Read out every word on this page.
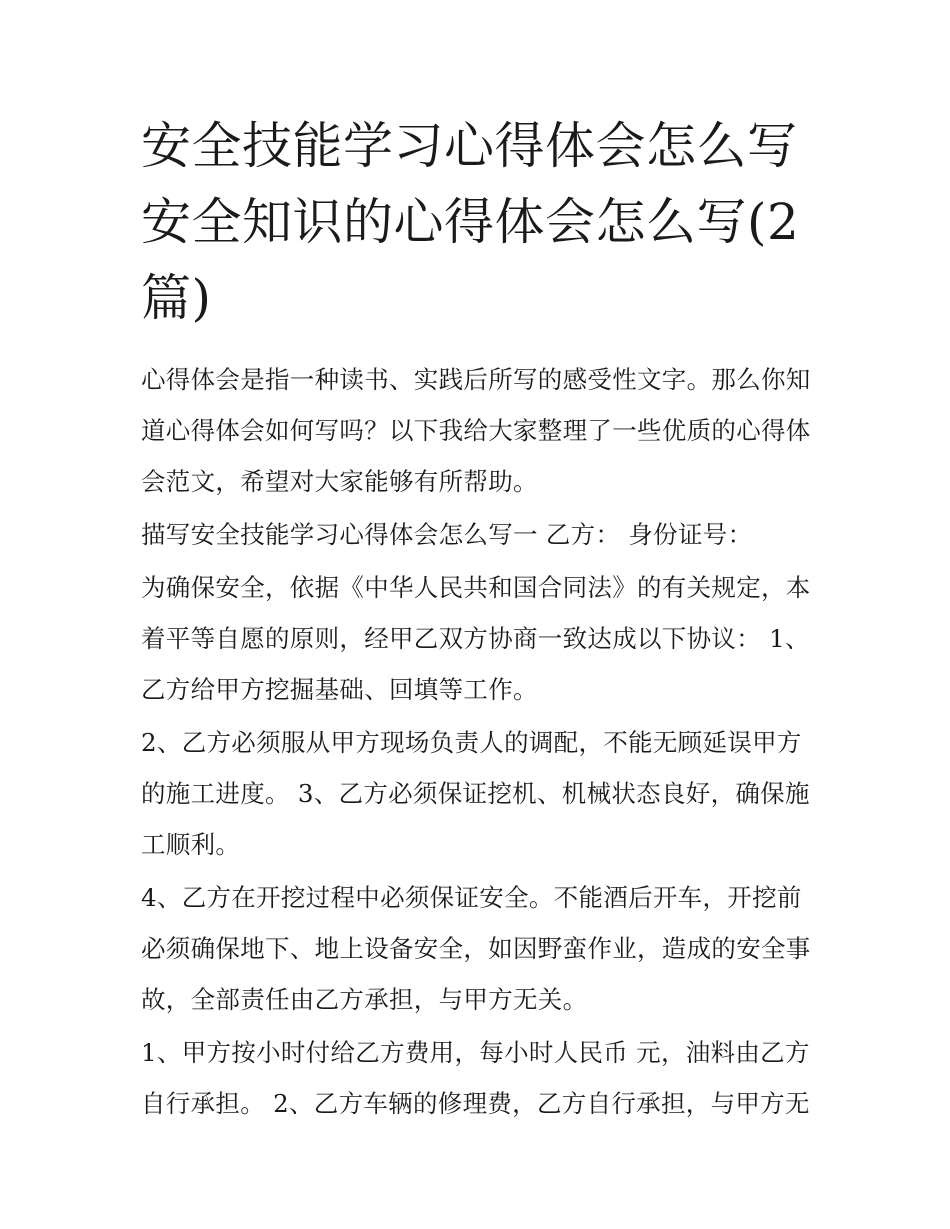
安全技能学习心得体会怎么写安全知识的心得体会怎么写(2篇)

心得体会是指一种读书、实践后所写的感受性文字。那么你知道心得体会如何写吗？以下我给大家整理了一些优质的心得体会范文，希望对大家能够有所帮助。

描写安全技能学习心得体会怎么写一 乙方： 身份证号：

为确保安全，依据《中华人民共和国合同法》的有关规定，本着平等自愿的原则，经甲乙双方协商一致达成以下协议： 1、乙方给甲方挖掘基础、回填等工作。

2、乙方必须服从甲方现场负责人的调配，不能无顾延误甲方的施工进度。 3、乙方必须保证挖机、机械状态良好，确保施工顺利。

4、乙方在开挖过程中必须保证安全。不能酒后开车，开挖前必须确保地下、地上设备安全，如因野蛮作业，造成的安全事故，全部责任由乙方承担，与甲方无关。

1、甲方按小时付给乙方费用，每小时人民币 元，油料由乙方自行承担。 2、乙方车辆的修理费，乙方自行承担，与甲方无
